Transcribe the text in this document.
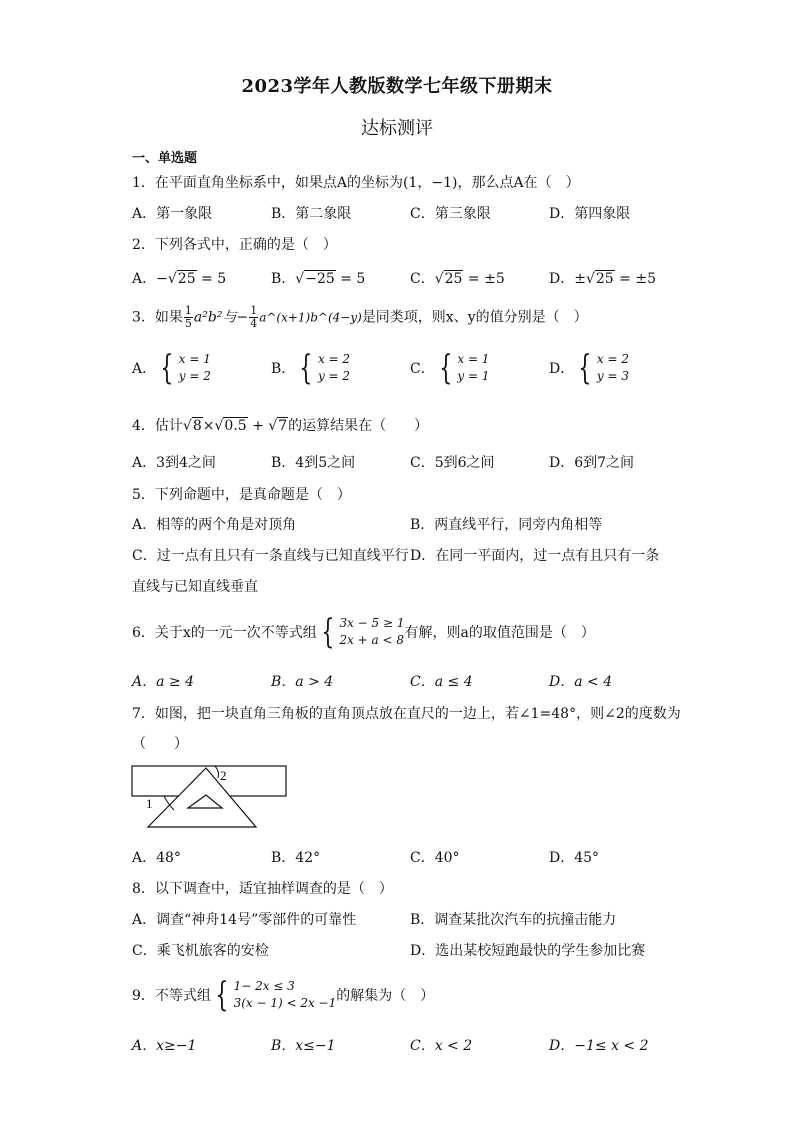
2023学年人教版数学七年级下册期末
达标测评
一、单选题
1．在平面直角坐标系中，如果点A的坐标为(1，−1)，那么点A在（　）
A．第一象限	B．第二象限	C．第三象限	D．第四象限
2．下列各式中，正确的是（　）
A．−√25 = 5	B．√−25 = 5	C．√25 = ±5	D．±√25 = ±5
3．如果 $\frac{1}{5} a^2b^2$与− $\frac{1}{4}$ a^(x+1)b^(4−y)是同类项，则x、y的值分别是（　）
A． { x = 1
y = 2	B． { x = 2
y = 2	C． { x = 1
y = 1	D． { x = 2
y = 3
4．估计√8×√0.5 + √7的运算结果在（　　）
A．3到4之间	B．4到5之间	C．5到6之间	D．6到7之间
5．下列命题中，是真命题是（　）
A．相等的两个角是对顶角	B．两直线平行，同旁内角相等
C．过一点有且只有一条直线与已知直线平行 D．在同一平面内，过一点有且只有一条
直线与已知直线垂直
6．关于x的一元一次不等式组 { 3x − 5 ≥ 1
2x + a < 8 有解，则a的取值范围是（　）
A．a ≥ 4	B．a > 4	C．a ≤ 4	D．a < 4
7．如图，把一块直角三角板的直角顶点放在直尺的一边上，若∠1=48°，则∠2的度数为
（　　）
1
2
A．48°	B．42°	C．40°	D．45°
8．以下调查中，适宜抽样调查的是（　）
A．调查“神舟14号”零部件的可靠性	B．调查某批次汽车的抗撞击能力
C．乘飞机旅客的安检	D．选出某校短跑最快的学生参加比赛
9．不等式组 { 1− 2x ≤ 3
3(x − 1) < 2x −1 的解集为（　）
A．x≥−1	B．x≤−1	C．x < 2	D．−1≤ x < 2
